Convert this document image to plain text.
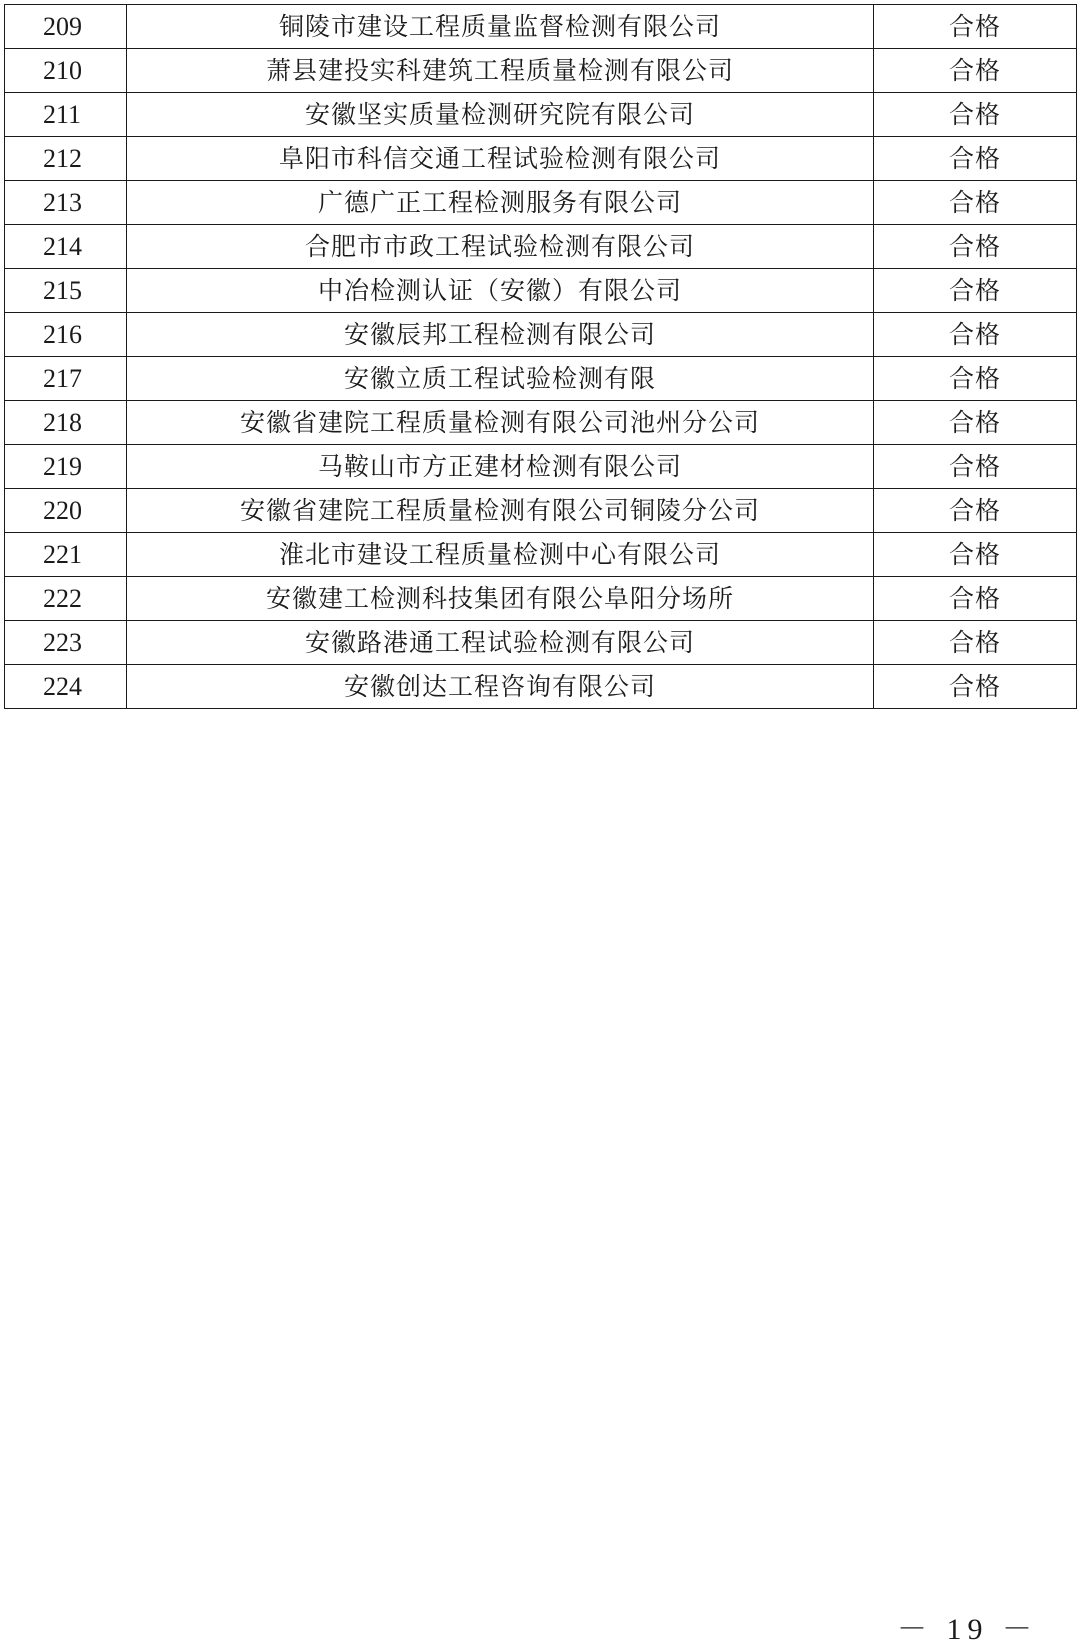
209	铜陵市建设工程质量监督检测有限公司	合格
210	萧县建投实科建筑工程质量检测有限公司	合格
211	安徽坚实质量检测研究院有限公司	合格
212	阜阳市科信交通工程试验检测有限公司	合格
213	广德广正工程检测服务有限公司	合格
214	合肥市市政工程试验检测有限公司	合格
215	中冶检测认证（安徽）有限公司	合格
216	安徽辰邦工程检测有限公司	合格
217	安徽立质工程试验检测有限	合格
218	安徽省建院工程质量检测有限公司池州分公司	合格
219	马鞍山市方正建材检测有限公司	合格
220	安徽省建院工程质量检测有限公司铜陵分公司	合格
221	淮北市建设工程质量检测中心有限公司	合格
222	安徽建工检测科技集团有限公阜阳分场所	合格
223	安徽路港通工程试验检测有限公司	合格
224	安徽创达工程咨询有限公司	合格
－ 19 －
